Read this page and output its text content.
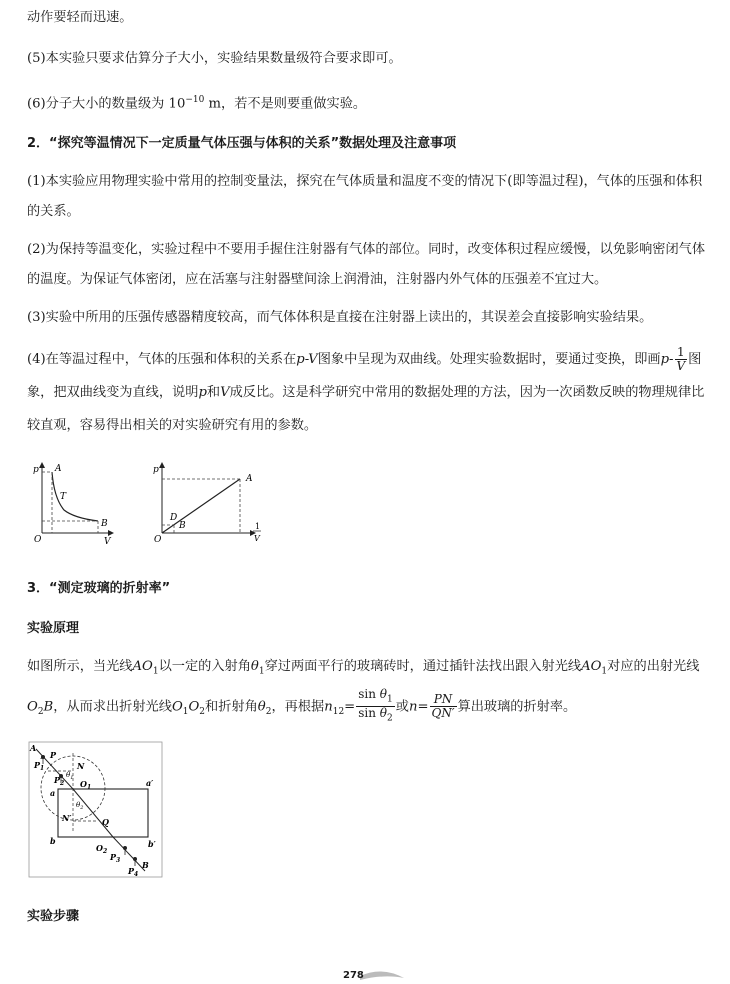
动作要轻而迅速。

(5)本实验只要求估算分子大小，实验结果数量级符合要求即可。

(6)分子大小的数量级为 $10^{-10}$ m，若不是则要重做实验。

2．“探究等温情况下一定质量气体压强与体积的关系”数据处理及注意事项

(1)本实验应用物理实验中常用的控制变量法，探究在气体质量和温度不变的情况下(即等温过程)，气体的压强和体积的关系。

(2)为保持等温变化，实验过程中不要用手握住注射器有气体的部位。同时，改变体积过程应缓慢，以免影响密闭气体的温度。为保证气体密闭，应在活塞与注射器壁间涂上润滑油，注射器内外气体的压强差不宜过大。

(3)实验中所用的压强传感器精度较高，而气体体积是直接在注射器上读出的，其误差会直接影响实验结果。

(4)在等温过程中，气体的压强和体积的关系在p-V图象中呈现为双曲线。处理实验数据时，要通过变换，即画$p- \frac{1}{V}$ 图象，把双曲线变为直线，说明p和V成反比。这是科学研究中常用的数据处理的方法，因为一次函数反映的物理规律比较直观，容易得出相关的对实验研究有用的参数。

p A
T
B
O	V
p
A
D
B
O
1
V

3．“测定玻璃的折射率”

实验原理

如图所示，当光线$AO_1$以一定的入射角$\theta_1$穿过两面平行的玻璃砖时，通过插针法找出跟入射光线$AO_1$对应的出射光线$O_2B$，从而求出折射光线$O_1O_2$和折射角$\theta_2$，再根据$n_{12}= \frac{\sin \theta_1}{\sin \theta_2}$ 或$n= \frac{PN}{QN'}$ 算出玻璃的折射率。

A
P
$P_1$	N
$P_2$
$\theta_1$
$O_1$
a
a′
$\theta_2$
N′	Q
b	b′
$O_2$
$P_3$	B
$P_4$

实验步骤

278
